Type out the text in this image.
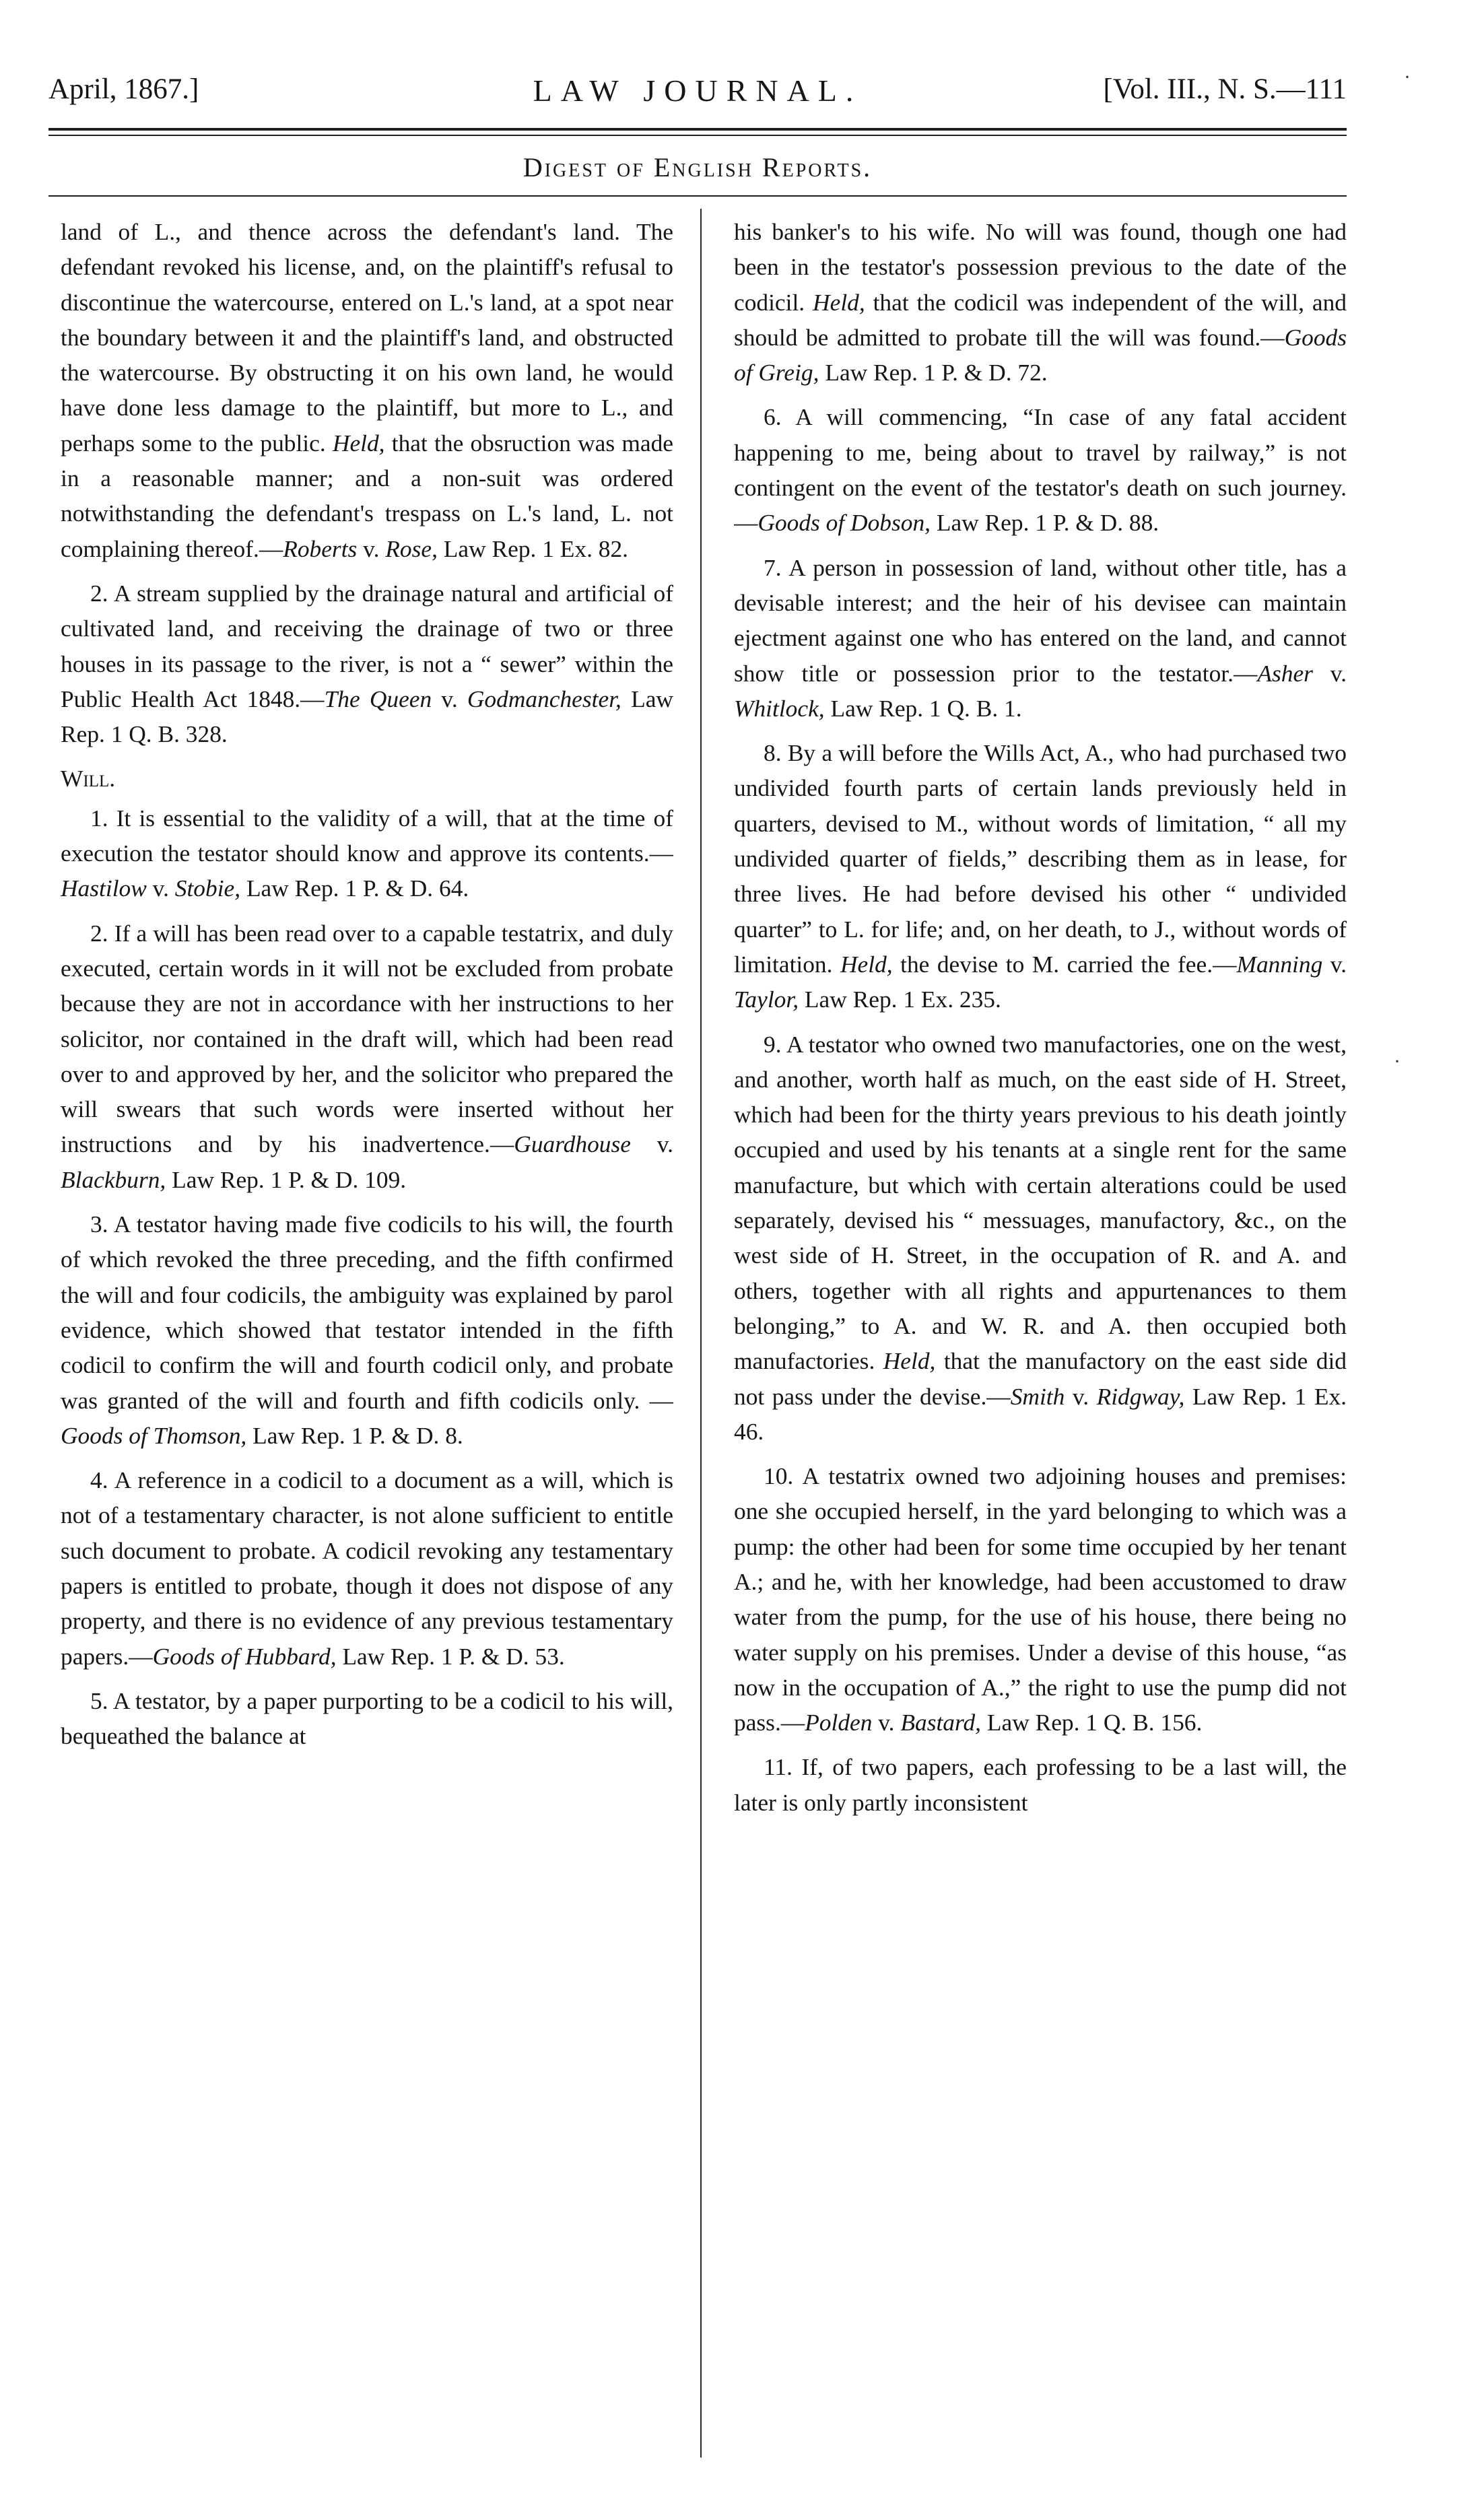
April, 1867.]	LAW JOURNAL.	[Vol. III., N. S.—111
Digest of English Reports.

land of L., and thence across the defendant's land. The defendant revoked his license, and, on the plaintiff's refusal to discontinue the watercourse, entered on L.'s land, at a spot near the boundary between it and the plaintiff's land, and obstructed the watercourse. By obstructing it on his own land, he would have done less damage to the plaintiff, but more to L., and perhaps some to the public. Held, that the obsruction was made in a reasonable manner; and a non-suit was ordered notwithstanding the defendant's trespass on L.'s land, L. not complaining thereof.—Roberts v. Rose, Law Rep. 1 Ex. 82.

2. A stream supplied by the drainage natural and artificial of cultivated land, and receiving the drainage of two or three houses in its passage to the river, is not a “ sewer” within the Public Health Act 1848.—The Queen v. Godmanchester, Law Rep. 1 Q. B. 328.

Will.

1. It is essential to the validity of a will, that at the time of execution the testator should know and approve its contents.—Hastilow v. Stobie, Law Rep. 1 P. & D. 64.

2. If a will has been read over to a capable testatrix, and duly executed, certain words in it will not be excluded from probate because they are not in accordance with her instructions to her solicitor, nor contained in the draft will, which had been read over to and approved by her, and the solicitor who prepared the will swears that such words were inserted without her instructions and by his inadvertence.—Guardhouse v. Blackburn, Law Rep. 1 P. & D. 109.

3. A testator having made five codicils to his will, the fourth of which revoked the three preceding, and the fifth confirmed the will and four codicils, the ambiguity was explained by parol evidence, which showed that testator intended in the fifth codicil to confirm the will and fourth codicil only, and probate was granted of the will and fourth and fifth codicils only. —Goods of Thomson, Law Rep. 1 P. & D. 8.

4. A reference in a codicil to a document as a will, which is not of a testamentary character, is not alone sufficient to entitle such document to probate. A codicil revoking any testamentary papers is entitled to probate, though it does not dispose of any property, and there is no evidence of any previous testamentary papers.—Goods of Hubbard, Law Rep. 1 P. & D. 53.

5. A testator, by a paper purporting to be a codicil to his will, bequeathed the balance at

his banker's to his wife. No will was found, though one had been in the testator's possession previous to the date of the codicil. Held, that the codicil was independent of the will, and should be admitted to probate till the will was found.—Goods of Greig, Law Rep. 1 P. & D. 72.

6. A will commencing, “In case of any fatal accident happening to me, being about to travel by railway,” is not contingent on the event of the testator's death on such journey.—Goods of Dobson, Law Rep. 1 P. & D. 88.

7. A person in possession of land, without other title, has a devisable interest; and the heir of his devisee can maintain ejectment against one who has entered on the land, and cannot show title or possession prior to the testator.—Asher v. Whitlock, Law Rep. 1 Q. B. 1.

8. By a will before the Wills Act, A., who had purchased two undivided fourth parts of certain lands previously held in quarters, devised to M., without words of limitation, “ all my undivided quarter of fields,” describing them as in lease, for three lives. He had before devised his other “ undivided quarter” to L. for life; and, on her death, to J., without words of limitation. Held, the devise to M. carried the fee.—Manning v. Taylor, Law Rep. 1 Ex. 235.

9. A testator who owned two manufactories, one on the west, and another, worth half as much, on the east side of H. Street, which had been for the thirty years previous to his death jointly occupied and used by his tenants at a single rent for the same manufacture, but which with certain alterations could be used separately, devised his “ messuages, manufactory, &c., on the west side of H. Street, in the occupation of R. and A. and others, together with all rights and appurtenances to them belonging,” to A. and W. R. and A. then occupied both manufactories. Held, that the manufactory on the east side did not pass under the devise.—Smith v. Ridgway, Law Rep. 1 Ex. 46.

10. A testatrix owned two adjoining houses and premises: one she occupied herself, in the yard belonging to which was a pump: the other had been for some time occupied by her tenant A.; and he, with her knowledge, had been accustomed to draw water from the pump, for the use of his house, there being no water supply on his premises. Under a devise of this house, “as now in the occupation of A.,” the right to use the pump did not pass.—Polden v. Bastard, Law Rep. 1 Q. B. 156.

11. If, of two papers, each professing to be a last will, the later is only partly inconsistent

·
·
